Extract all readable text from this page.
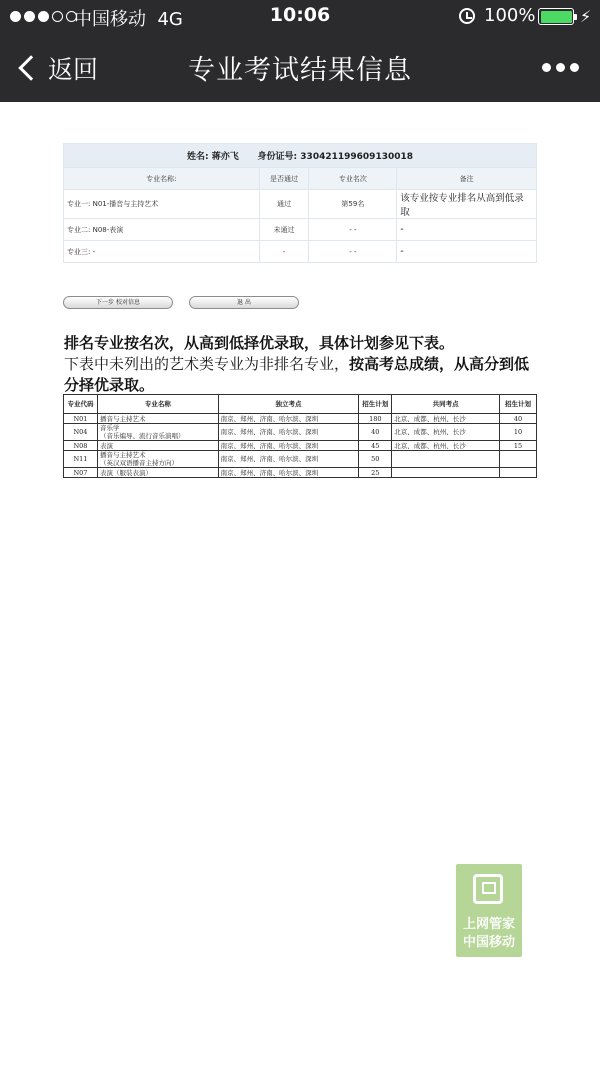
中国移动 4G	10:06	100%	⚡
返回	专业考试结果信息
姓名: 蒋亦飞 身份证号: 330421199609130018			
专业名称:	是否通过	专业名次	备注
专业一: N01-播音与主持艺术	通过	第59名	该专业按专业排名从高到低录取
专业二: N08-表演	未通过	- -	-
专业三: -	-	- -	-
下一步 校对信息	退 出
排名专业按名次，从高到低择优录取，具体计划参见下表。
下表中未列出的艺术类专业为非排名专业，按高考总成绩，从高分到低分择优录取。
专业代码	专业名称	独立考点	招生计划	共同考点	招生计划
N01	播音与主持艺术	南京、郑州、济南、哈尔滨、深圳	180	北京、成都、杭州、长沙	40
N04	音乐学
（音乐编导、流行音乐演唱）	南京、郑州、济南、哈尔滨、深圳	40	北京、成都、杭州、长沙	10
N08	表演	南京、郑州、济南、哈尔滨、深圳	45	北京、成都、杭州、长沙	15
N11	播音与主持艺术
（英汉双语播音主持方向）	南京、郑州、济南、哈尔滨、深圳	50		
N07	表演（服装表演）	南京、郑州、济南、哈尔滨、深圳	25		
上网管家
中国移动
